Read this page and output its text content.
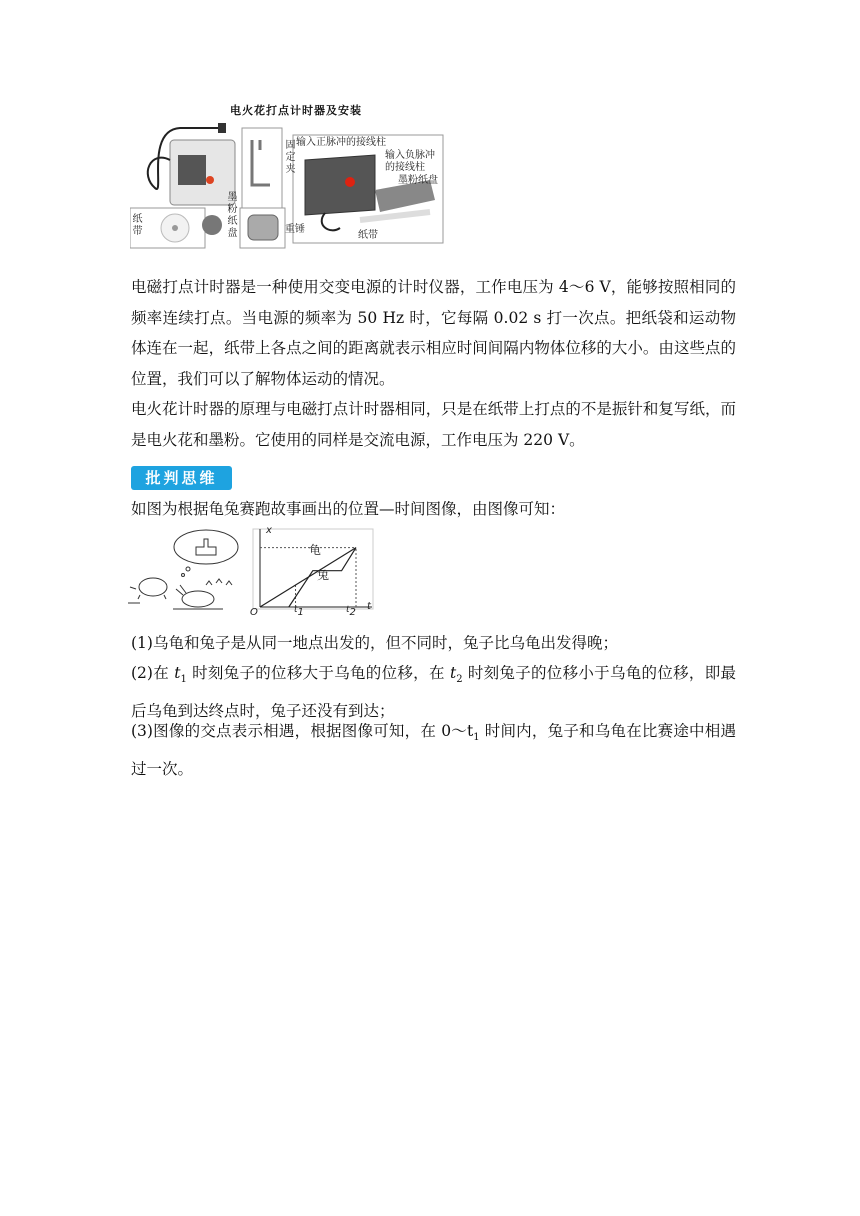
电火花打点计时器及安装
固
定
夹
输入正脉冲的接线柱
输入负脉冲
的接线柱
墨粉纸盘
纸
带
墨
粉
纸
盘	重锤
纸带

电磁打点计时器是一种使用交变电源的计时仪器，工作电压为 4～6 V，能够按照相同的频率连续打点。当电源的频率为 50 Hz 时，它每隔 0.02 s 打一次点。把纸袋和运动物体连在一起，纸带上各点之间的距离就表示相应时间间隔内物体位移的大小。由这些点的位置，我们可以了解物体运动的情况。

电火花计时器的原理与电磁打点计时器相同，只是在纸带上打点的不是振针和复写纸，而是电火花和墨粉。它使用的同样是交流电源，工作电压为 220 V。

批判思维

如图为根据龟兔赛跑故事画出的位置—时间图像，由图像可知：

x
O
t
$t_1$	$t_2$
龟
兔

(1)乌龟和兔子是从同一地点出发的，但不同时，兔子比乌龟出发得晚；

(2)在 $t_1$ 时刻兔子的位移大于乌龟的位移，在 $t_2$ 时刻兔子的位移小于乌龟的位移，即最后乌龟到达终点时，兔子还没有到达；

(3)图像的交点表示相遇，根据图像可知，在 $0\sim t_1$ 时间内，兔子和乌龟在比赛途中相遇过一次。
